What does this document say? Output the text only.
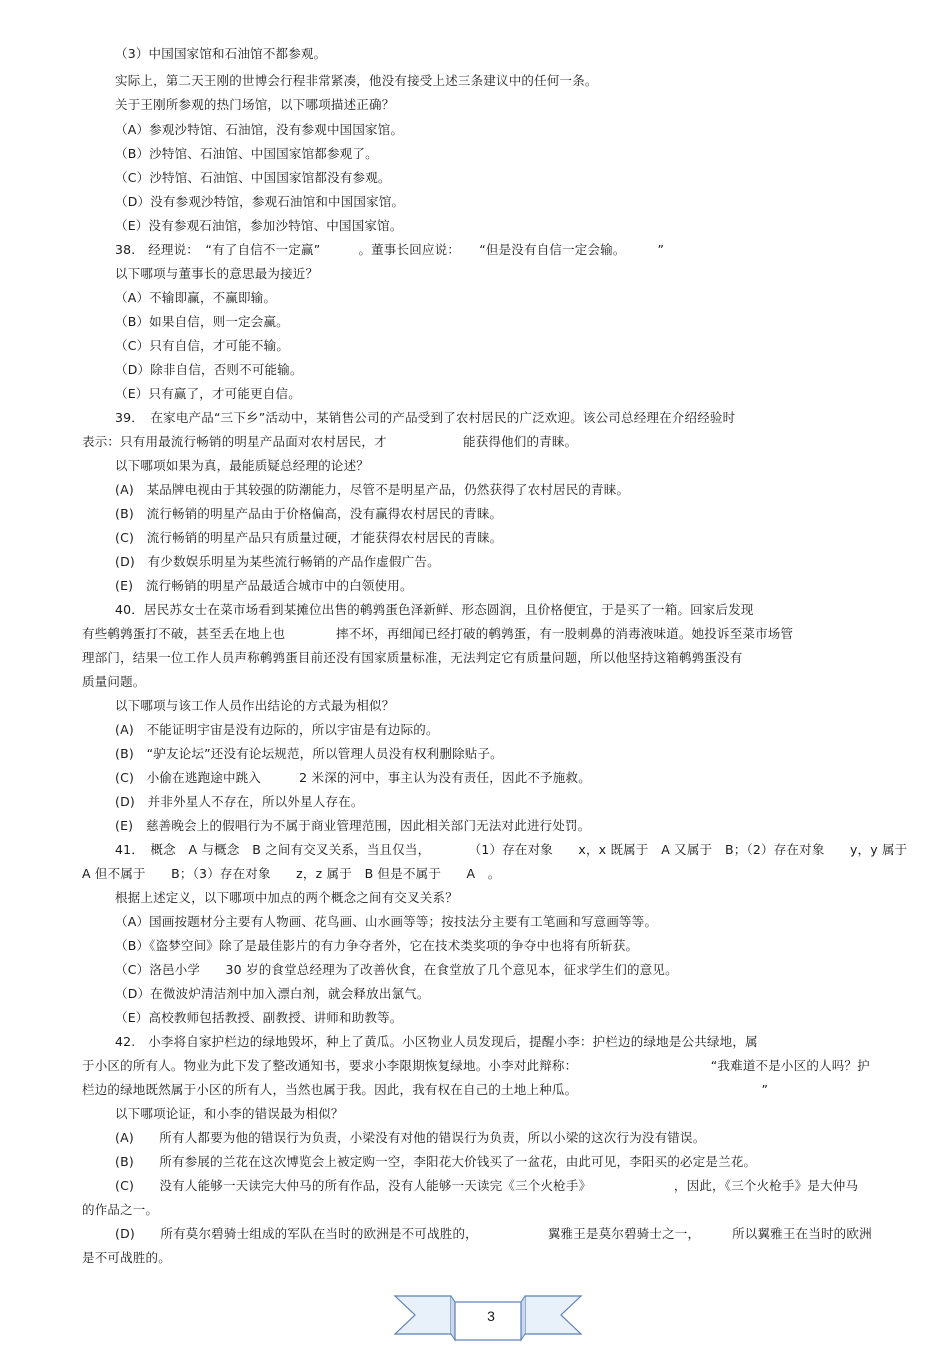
（3）中国国家馆和石油馆不都参观。
实际上，第二天王刚的世博会行程非常紧凑，他没有接受上述三条建议中的任何一条。
关于王刚所参观的热门场馆，以下哪项描述正确？
（A）参观沙特馆、石油馆，没有参观中国国家馆。
（B）沙特馆、石油馆、中国国家馆都参观了。
（C）沙特馆、石油馆、中国国家馆都没有参观。
（D）没有参观沙特馆，参观石油馆和中国国家馆。
（E）没有参观石油馆，参加沙特馆、中国国家馆。
38.　经理说：　“有了自信不一定赢”　　　。董事长回应说：　　“但是没有自信一定会输。　　　”
以下哪项与董事长的意思最为接近？
（A）不输即赢，不赢即输。
（B）如果自信，则一定会赢。
（C）只有自信，才可能不输。
（D）除非自信，否则不可能输。
（E）只有赢了，才可能更自信。
39．　在家电产品“三下乡”活动中，某销售公司的产品受到了农村居民的广泛欢迎。该公司总经理在介绍经验时
表示：只有用最流行畅销的明星产品面对农村居民，才　　　　　　能获得他们的青睐。
以下哪项如果为真，最能质疑总经理的论述？
(A)　某品牌电视由于其较强的防潮能力，尽管不是明星产品，仍然获得了农村居民的青睐。
(B)　流行畅销的明星产品由于价格偏高，没有赢得农村居民的青睐。
(C)　流行畅销的明星产品只有质量过硬，才能获得农村居民的青睐。
(D)　有少数娱乐明星为某些流行畅销的产品作虚假广告。
(E)　流行畅销的明星产品最适合城市中的白领使用。
40．居民苏女士在菜市场看到某摊位出售的鹌鹑蛋色泽新鲜、形态圆润，且价格便宜，于是买了一箱。回家后发现
有些鹌鹑蛋打不破，甚至丢在地上也　　　　摔不坏，再细闻已经打破的鹌鹑蛋，有一股刺鼻的消毒液味道。她投诉至菜市场管
理部门，结果一位工作人员声称鹌鹑蛋目前还没有国家质量标准，无法判定它有质量问题，所以他坚持这箱鹌鹑蛋没有
质量问题。
以下哪项与该工作人员作出结论的方式最为相似？
(A)　不能证明宇宙是没有边际的，所以宇宙是有边际的。
(B)　“驴友论坛”还没有论坛规范，所以管理人员没有权利删除贴子。
(C)　小偷在逃跑途中跳入　　　2 米深的河中，事主认为没有责任，因此不予施救。
(D)　并非外星人不存在，所以外星人存在。
(E)　慈善晚会上的假唱行为不属于商业管理范围，因此相关部门无法对此进行处罚。
41．　概念　A 与概念　B 之间有交叉关系，当且仅当，　　　　（1）存在对象　　x，x 既属于　A 又属于　B；（2）存在对象　　y，y 属于
A 但不属于　　B；（3）存在对象　　z，z 属于　B 但是不属于　　A　。
根据上述定义，以下哪项中加点的两个概念之间有交叉关系？
（A）国画按题材分主要有人物画、花鸟画、山水画等等；按技法分主要有工笔画和写意画等等。
（B）《盗梦空间》除了是最佳影片的有力争夺者外，它在技术类奖项的争夺中也将有所斩获。
（C）洛邑小学　　30 岁的食堂总经理为了改善伙食，在食堂放了几个意见本，征求学生们的意见。
（D）在微波炉清洁剂中加入漂白剂，就会释放出氯气。
（E）高校教师包括教授、副教授、讲师和助教等。
42.　小李将自家护栏边的绿地毁坏，种上了黄瓜。小区物业人员发现后，提醒小李：护栏边的绿地是公共绿地，属
于小区的所有人。物业为此下发了整改通知书，要求小李限期恢复绿地。小李对此辩称：　　　　　　　　　　　“我难道不是小区的人吗？护
栏边的绿地既然属于小区的所有人，当然也属于我。因此，我有权在自己的土地上种瓜。　　　　　　　　　　　　　　　”
以下哪项论证，和小李的错误最为相似？
(A)　　所有人都要为他的错误行为负责，小梁没有对他的错误行为负责，所以小梁的这次行为没有错误。
(B)　　所有参展的兰花在这次博览会上被定购一空，李阳花大价钱买了一盆花，由此可见，李阳买的必定是兰花。
(C)　　没有人能够一天读完大仲马的所有作品，没有人能够一天读完《三个火枪手》　　　　　　　，因此，《三个火枪手》是大仲马
的作品之一。
(D)　　所有莫尔碧骑士组成的军队在当时的欧洲是不可战胜的，　　　　　　翼雅王是莫尔碧骑士之一，　　　所以翼雅王在当时的欧洲
是不可战胜的。
3
